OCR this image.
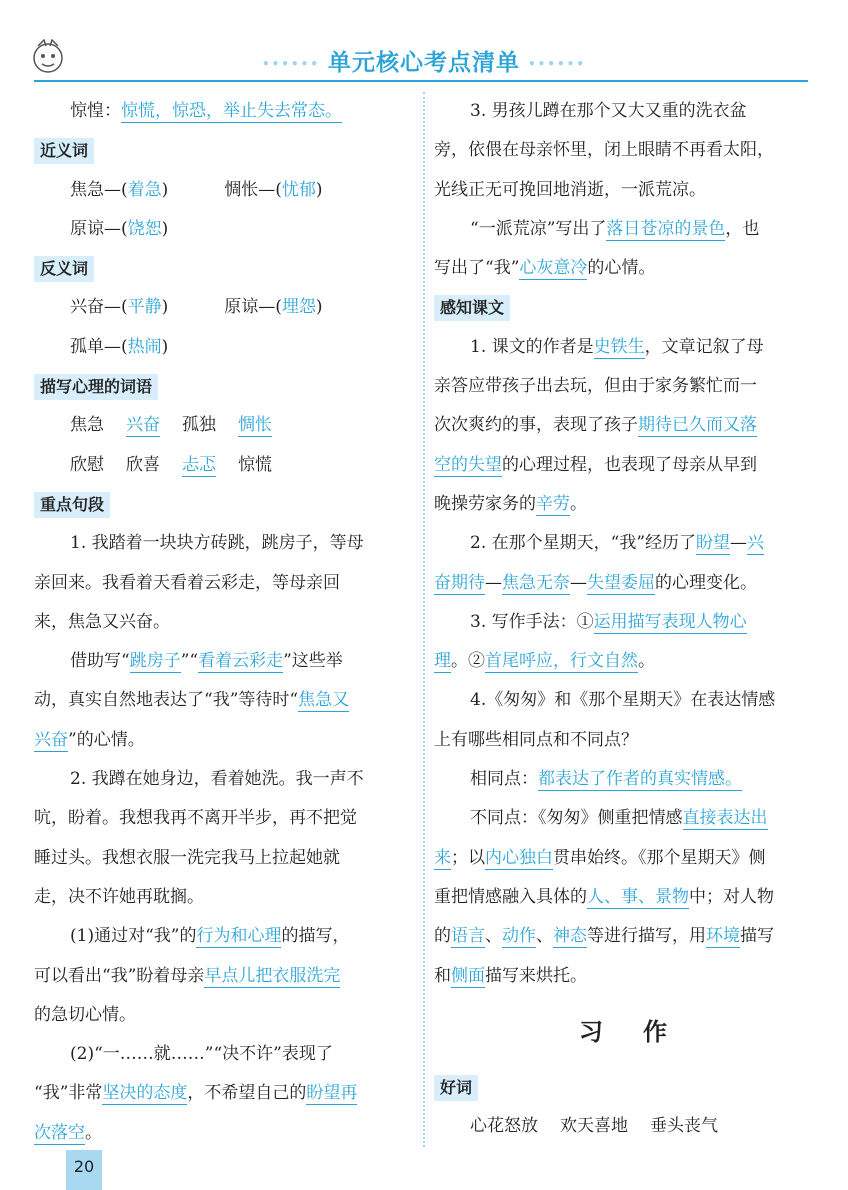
•••••• 单元核心考点清单 ••••••
惊惶：惊慌，惊恐，举止失去常态。
近义词
焦急—(着急)	惆怅—(忧郁)
原谅—(饶恕)
反义词
兴奋—(平静)	原谅—(埋怨)
孤单—(热闹)
描写心理的词语
焦急 兴奋 孤独 惆怅
欣慰 欣喜 忐忑 惊慌
重点句段
1. 我踏着一块块方砖跳，跳房子，等母
亲回来。我看着天看着云彩走，等母亲回
来，焦急又兴奋。
借助写“跳房子”“看着云彩走”这些举
动，真实自然地表达了“我”等待时“焦急又
兴奋”的心情。
2. 我蹲在她身边，看着她洗。我一声不
吭，盼着。我想我再不离开半步，再不把觉
睡过头。我想衣服一洗完我马上拉起她就
走，决不许她再耽搁。
(1)通过对“我”的行为和心理的描写，
可以看出“我”盼着母亲早点儿把衣服洗完
的急切心情。
(2)“一……就……”“决不许”表现了
“我”非常坚决的态度，不希望自己的盼望再
次落空。
3. 男孩儿蹲在那个又大又重的洗衣盆
旁，依偎在母亲怀里，闭上眼睛不再看太阳，
光线正无可挽回地消逝，一派荒凉。
“一派荒凉”写出了落日苍凉的景色，也
写出了“我”心灰意冷的心情。
感知课文
1. 课文的作者是史铁生，文章记叙了母
亲答应带孩子出去玩，但由于家务繁忙而一
次次爽约的事，表现了孩子期待已久而又落
空的失望的心理过程，也表现了母亲从早到
晚操劳家务的辛劳。
2. 在那个星期天，“我”经历了盼望—兴
奋期待—焦急无奈—失望委屈的心理变化。
3. 写作手法：①运用描写表现人物心
理。②首尾呼应，行文自然。
4.《匆匆》和《那个星期天》在表达情感
上有哪些相同点和不同点？
相同点：都表达了作者的真实情感。
不同点：《匆匆》侧重把情感直接表达出
来；以内心独白贯串始终。《那个星期天》侧
重把情感融入具体的人、事、景物中；对人物
的语言、动作、神态等进行描写，用环境描写
和侧面描写来烘托。
习作
好词
心花怒放 欢天喜地 垂头丧气
20
